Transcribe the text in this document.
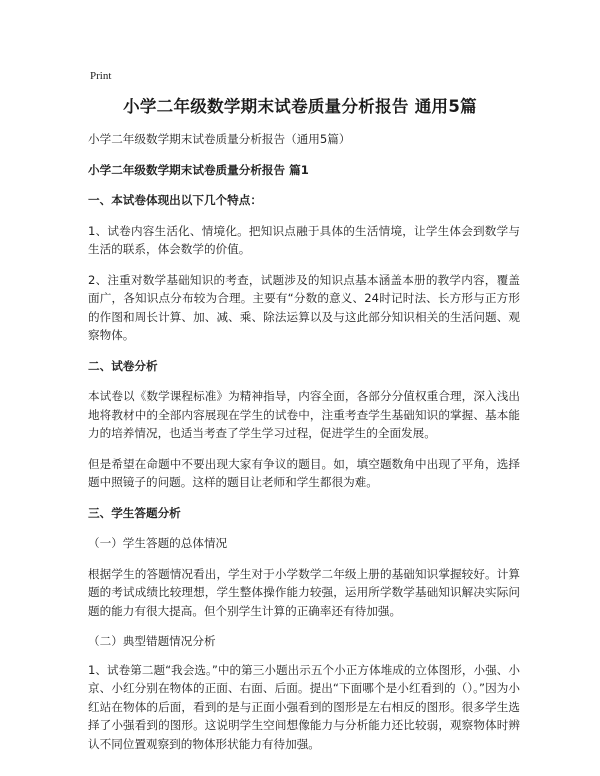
Print
小学二年级数学期末试卷质量分析报告 通用5篇

小学二年级数学期末试卷质量分析报告（通用5篇）

小学二年级数学期末试卷质量分析报告 篇1

一、本试卷体现出以下几个特点：

1、试卷内容生活化、情境化。把知识点融于具体的生活情境，让学生体会到数学与生活的联系，体会数学的价值。

2、注重对数学基础知识的考查，试题涉及的知识点基本涵盖本册的教学内容，覆盖面广，各知识点分布较为合理。主要有“分数的意义、24时记时法、长方形与正方形的作图和周长计算、加、减、乘、除法运算以及与这此部分知识相关的生活问题、观察物体。

二、试卷分析

本试卷以《数学课程标准》为精神指导，内容全面，各部分分值权重合理，深入浅出地将教材中的全部内容展现在学生的试卷中，注重考查学生基础知识的掌握、基本能力的培养情况，也适当考查了学生学习过程，促进学生的全面发展。

但是希望在命题中不要出现大家有争议的题目。如，填空题数角中出现了平角，选择题中照镜子的问题。这样的题目让老师和学生都很为难。

三、学生答题分析

（一）学生答题的总体情况

根据学生的答题情况看出，学生对于小学数学二年级上册的基础知识掌握较好。计算题的考试成绩比较理想，学生整体操作能力较强，运用所学数学基础知识解决实际问题的能力有很大提高。但个别学生计算的正确率还有待加强。

（二）典型错题情况分析

1、试卷第二题“我会选。”中的第三小题出示五个小正方体堆成的立体图形，小强、小京、小红分别在物体的正面、右面、后面。提出“下面哪个是小红看到的（）。”因为小红站在物体的后面，看到的是与正面小强看到的图形是左右相反的图形。很多学生选择了小强看到的图形。这说明学生空间想像能力与分析能力还比较弱，观察物体时辨认不同位置观察到的物体形状能力有待加强。
